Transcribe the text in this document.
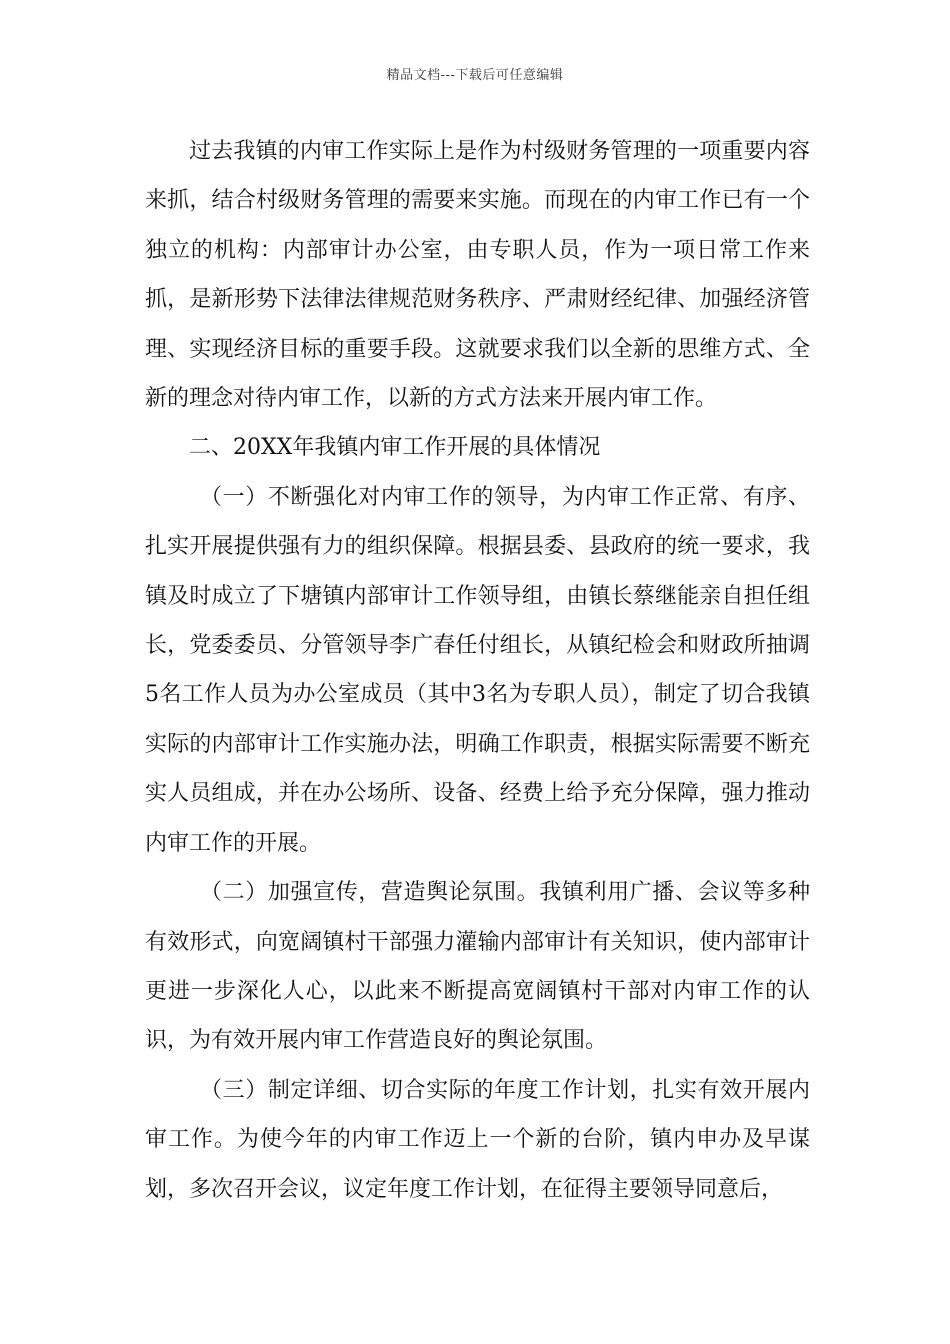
精品文档---下载后可任意编辑

过去我镇的内审工作实际上是作为村级财务管理的一项重要内容来抓，结合村级财务管理的需要来实施。而现在的内审工作已有一个独立的机构：内部审计办公室，由专职人员，作为一项日常工作来抓，是新形势下法律法律规范财务秩序、严肃财经纪律、加强经济管理、实现经济目标的重要手段。这就要求我们以全新的思维方式、全新的理念对待内审工作，以新的方式方法来开展内审工作。

二、20XX年我镇内审工作开展的具体情况

（一）不断强化对内审工作的领导，为内审工作正常、有序、扎实开展提供强有力的组织保障。根据县委、县政府的统一要求，我镇及时成立了下塘镇内部审计工作领导组，由镇长蔡继能亲自担任组长，党委委员、分管领导李广春任付组长，从镇纪检会和财政所抽调5名工作人员为办公室成员（其中3名为专职人员），制定了切合我镇实际的内部审计工作实施办法，明确工作职责，根据实际需要不断充实人员组成，并在办公场所、设备、经费上给予充分保障，强力推动内审工作的开展。

（二）加强宣传，营造舆论氛围。我镇利用广播、会议等多种有效形式，向宽阔镇村干部强力灌输内部审计有关知识，使内部审计更进一步深化人心，以此来不断提高宽阔镇村干部对内审工作的认识，为有效开展内审工作营造良好的舆论氛围。

（三）制定详细、切合实际的年度工作计划，扎实有效开展内审工作。为使今年的内审工作迈上一个新的台阶，镇内申办及早谋划，多次召开会议，议定年度工作计划，在征得主要领导同意后，
